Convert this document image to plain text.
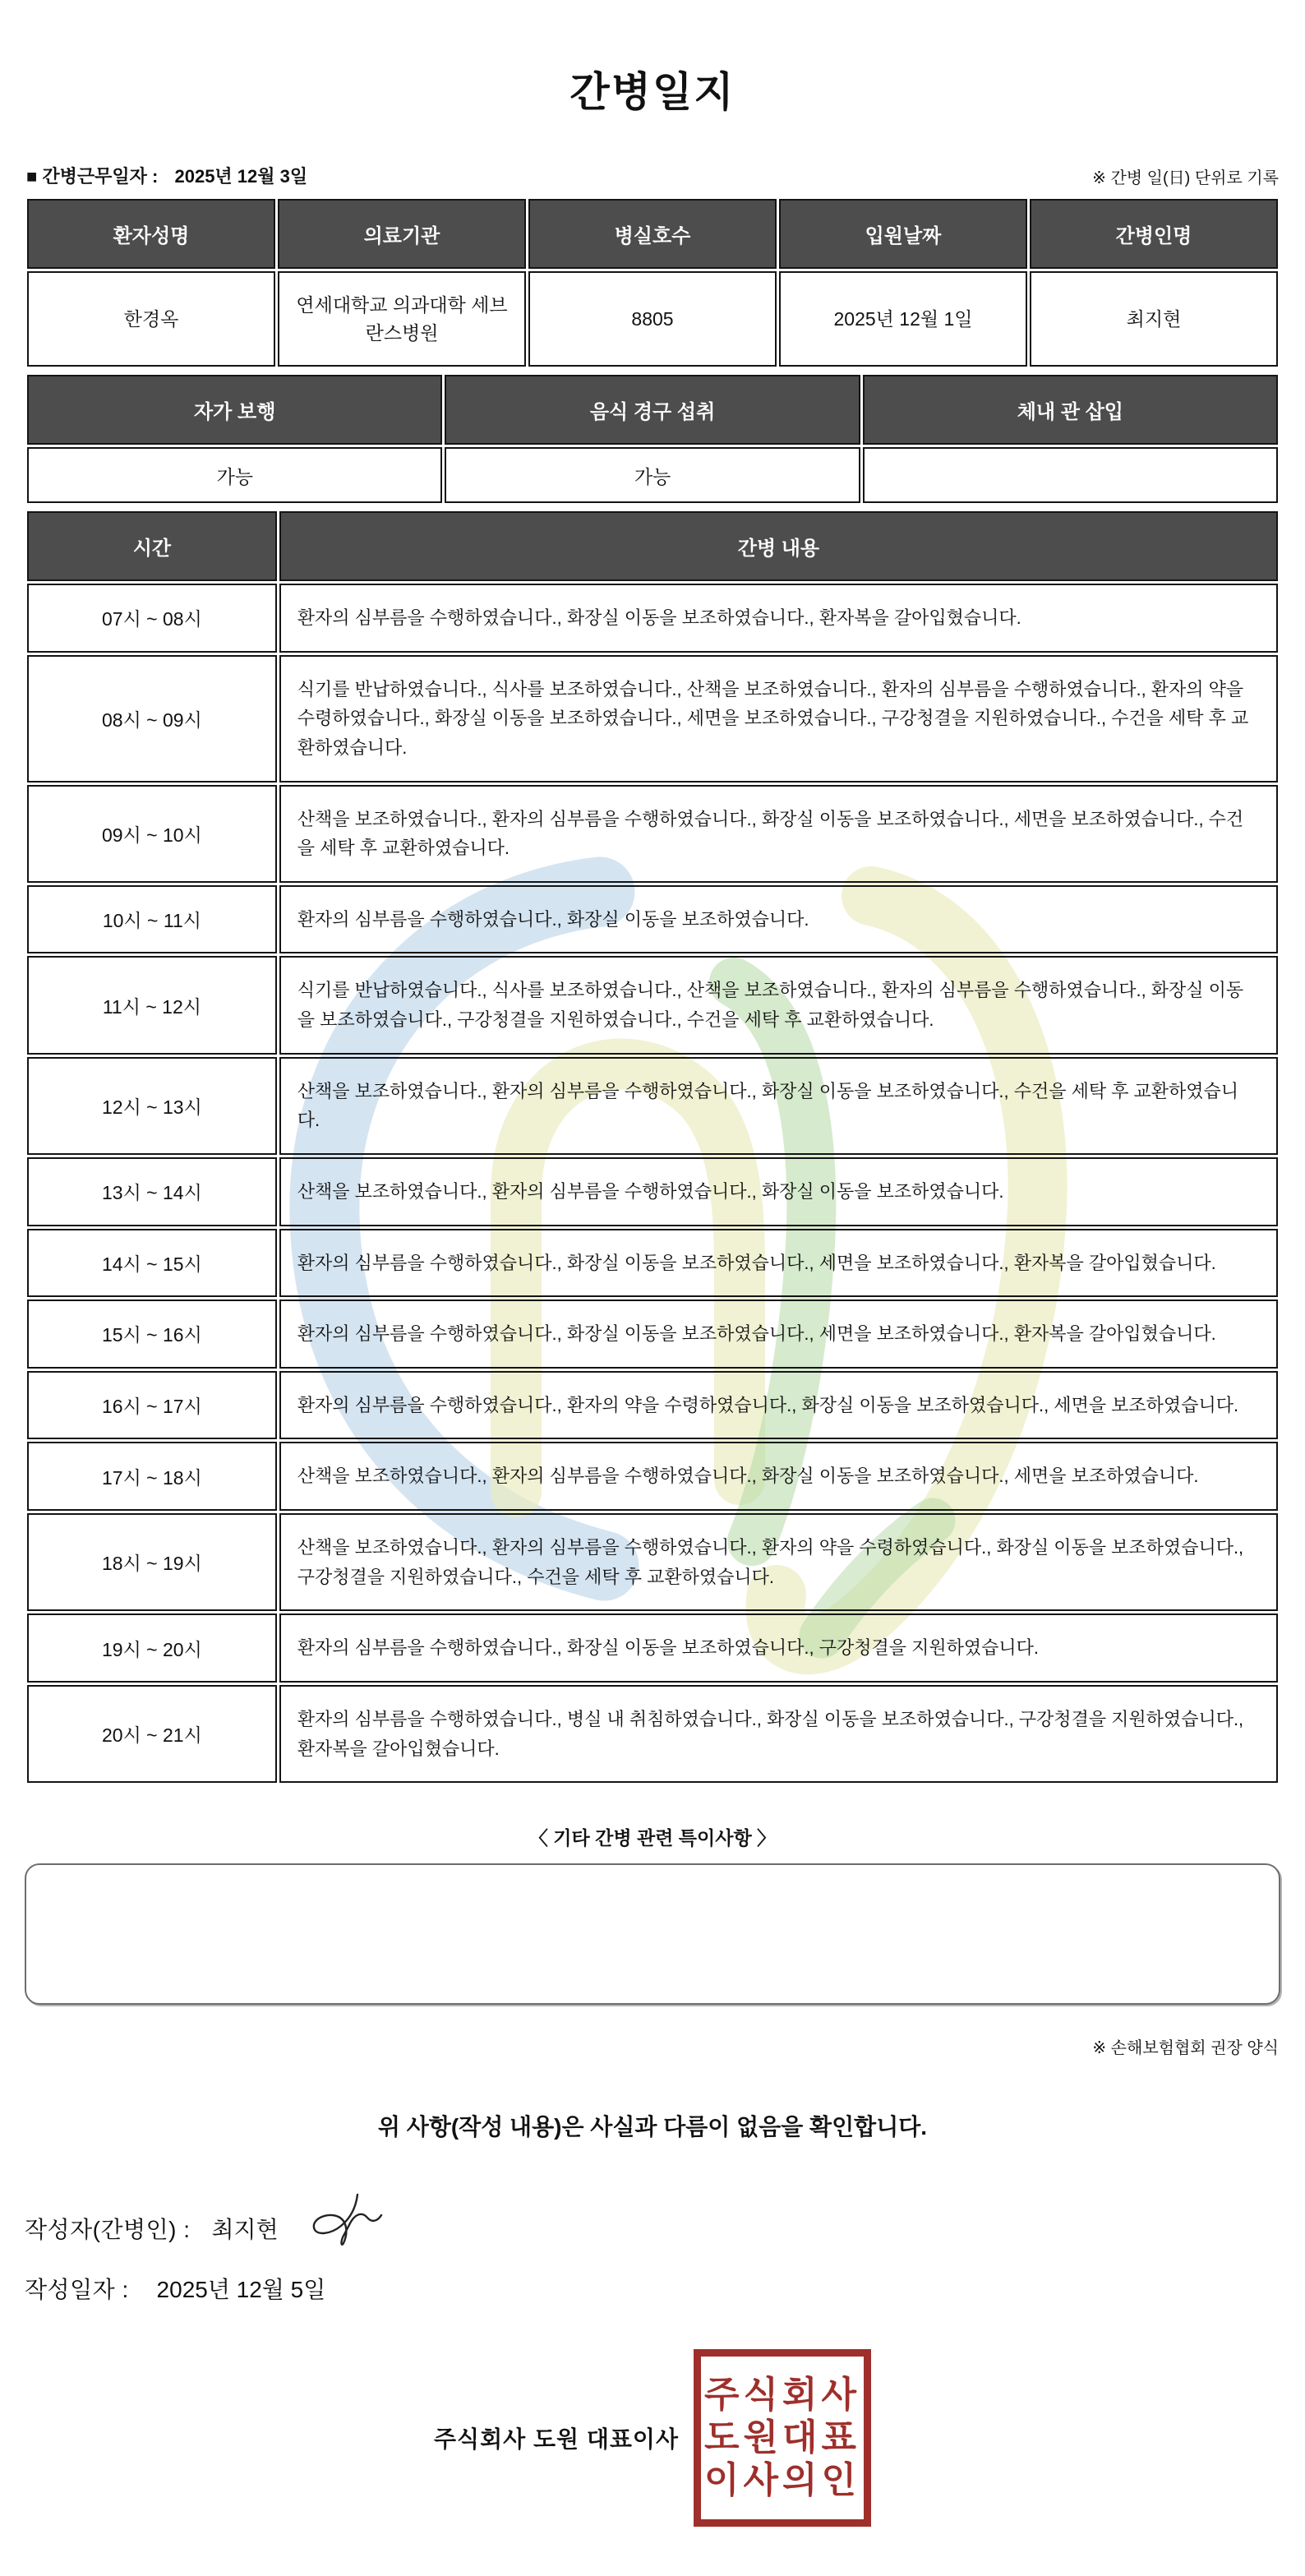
간병일지
■ 간병근무일자 : 2025년 12월 3일	※ 간병 일(日) 단위로 기록
환자성명	의료기관	병실호수	입원날짜	간병인명
한경옥	연세대학교 의과대학 세브란스병원	8805	2025년 12월 1일	최지현
자가 보행	음식 경구 섭취	체내 관 삽입
가능	가능	
시간	간병 내용
07시 ~ 08시	환자의 심부름을 수행하였습니다., 화장실 이동을 보조하였습니다., 환자복을 갈아입혔습니다.
08시 ~ 09시	식기를 반납하였습니다., 식사를 보조하였습니다., 산책을 보조하였습니다., 환자의 심부름을 수행하였습니다., 환자의 약을 수령하였습니다., 화장실 이동을 보조하였습니다., 세면을 보조하였습니다., 구강청결을 지원하였습니다., 수건을 세탁 후 교환하였습니다.
09시 ~ 10시	산책을 보조하였습니다., 환자의 심부름을 수행하였습니다., 화장실 이동을 보조하였습니다., 세면을 보조하였습니다., 수건을 세탁 후 교환하였습니다.
10시 ~ 11시	환자의 심부름을 수행하였습니다., 화장실 이동을 보조하였습니다.
11시 ~ 12시	식기를 반납하였습니다., 식사를 보조하였습니다., 산책을 보조하였습니다., 환자의 심부름을 수행하였습니다., 화장실 이동을 보조하였습니다., 구강청결을 지원하였습니다., 수건을 세탁 후 교환하였습니다.
12시 ~ 13시	산책을 보조하였습니다., 환자의 심부름을 수행하였습니다., 화장실 이동을 보조하였습니다., 수건을 세탁 후 교환하였습니다.
13시 ~ 14시	산책을 보조하였습니다., 환자의 심부름을 수행하였습니다., 화장실 이동을 보조하였습니다.
14시 ~ 15시	환자의 심부름을 수행하였습니다., 화장실 이동을 보조하였습니다., 세면을 보조하였습니다., 환자복을 갈아입혔습니다.
15시 ~ 16시	환자의 심부름을 수행하였습니다., 화장실 이동을 보조하였습니다., 세면을 보조하였습니다., 환자복을 갈아입혔습니다.
16시 ~ 17시	환자의 심부름을 수행하였습니다., 환자의 약을 수령하였습니다., 화장실 이동을 보조하였습니다., 세면을 보조하였습니다.
17시 ~ 18시	산책을 보조하였습니다., 환자의 심부름을 수행하였습니다., 화장실 이동을 보조하였습니다., 세면을 보조하였습니다.
18시 ~ 19시	산책을 보조하였습니다., 환자의 심부름을 수행하였습니다., 환자의 약을 수령하였습니다., 화장실 이동을 보조하였습니다., 구강청결을 지원하였습니다., 수건을 세탁 후 교환하였습니다.
19시 ~ 20시	환자의 심부름을 수행하였습니다., 화장실 이동을 보조하였습니다., 구강청결을 지원하였습니다.
20시 ~ 21시	환자의 심부름을 수행하였습니다., 병실 내 취침하였습니다., 화장실 이동을 보조하였습니다., 구강청결을 지원하였습니다., 환자복을 갈아입혔습니다.
〈 기타 간병 관련 특이사항 〉
※ 손해보험협회 권장 양식
위 사항(작성 내용)은 사실과 다름이 없음을 확인합니다.
작성자(간병인) : 최지현
작성일자 : 2025년 12월 5일
주식회사 도원 대표이사
주식회사
도원대표
이사의인
